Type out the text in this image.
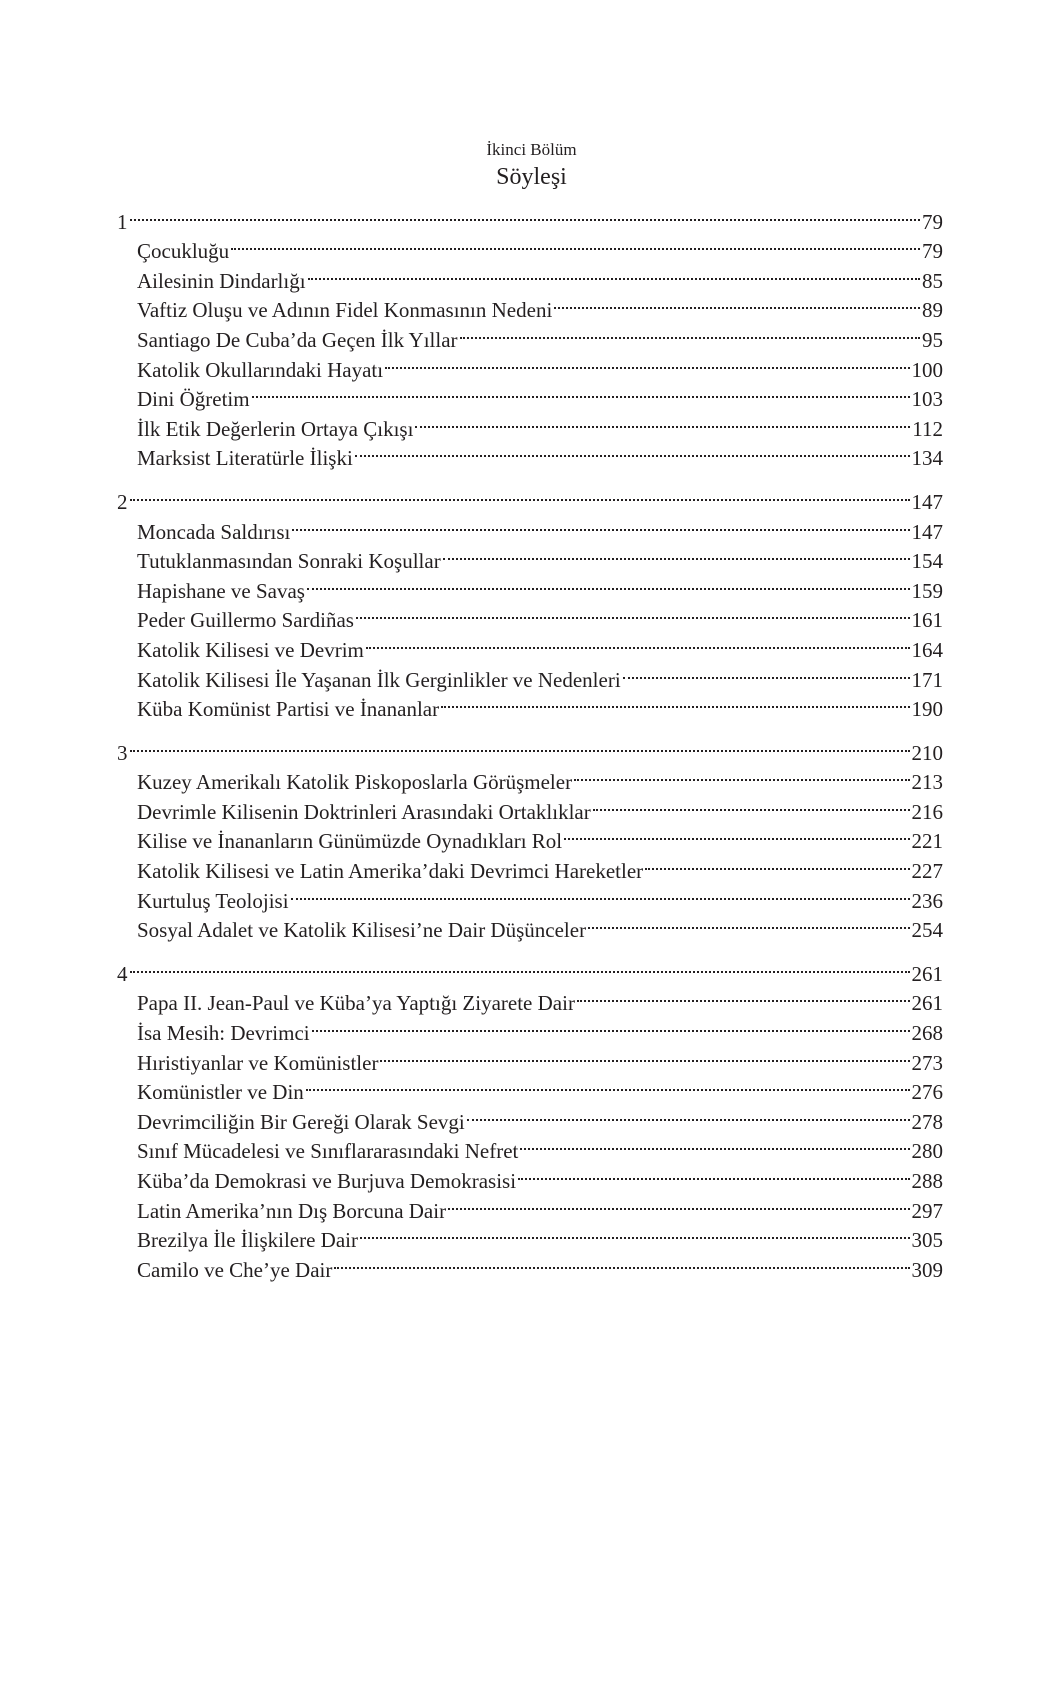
İkinci Bölüm
Söyleşi
1	79
Çocukluğu	79
Ailesinin Dindarlığı	85
Vaftiz Oluşu ve Adının Fidel Konmasının Nedeni	89
Santiago De Cuba’da Geçen İlk Yıllar	95
Katolik Okullarındaki Hayatı	100
Dini Öğretim	103
İlk Etik Değerlerin Ortaya Çıkışı	112
Marksist Literatürle İlişki	134
2	147
Moncada Saldırısı	147
Tutuklanmasından Sonraki Koşullar	154
Hapishane ve Savaş	159
Peder Guillermo Sardiñas	161
Katolik Kilisesi ve Devrim	164
Katolik Kilisesi İle Yaşanan İlk Gerginlikler ve Nedenleri	171
Küba Komünist Partisi ve İnananlar	190
3	210
Kuzey Amerikalı Katolik Piskoposlarla Görüşmeler	213
Devrimle Kilisenin Doktrinleri Arasındaki Ortaklıklar	216
Kilise ve İnananların Günümüzde Oynadıkları Rol	221
Katolik Kilisesi ve Latin Amerika’daki Devrimci Hareketler	227
Kurtuluş Teolojisi	236
Sosyal Adalet ve Katolik Kilisesi’ne Dair Düşünceler	254
4	261
Papa II. Jean-Paul ve Küba’ya Yaptığı Ziyarete Dair	261
İsa Mesih: Devrimci	268
Hıristiyanlar ve Komünistler	273
Komünistler ve Din	276
Devrimciliğin Bir Gereği Olarak Sevgi	278
Sınıf Mücadelesi ve Sınıflararasındaki Nefret	280
Küba’da Demokrasi ve Burjuva Demokrasisi	288
Latin Amerika’nın Dış Borcuna Dair	297
Brezilya İle İlişkilere Dair	305
Camilo ve Che’ye Dair	309
